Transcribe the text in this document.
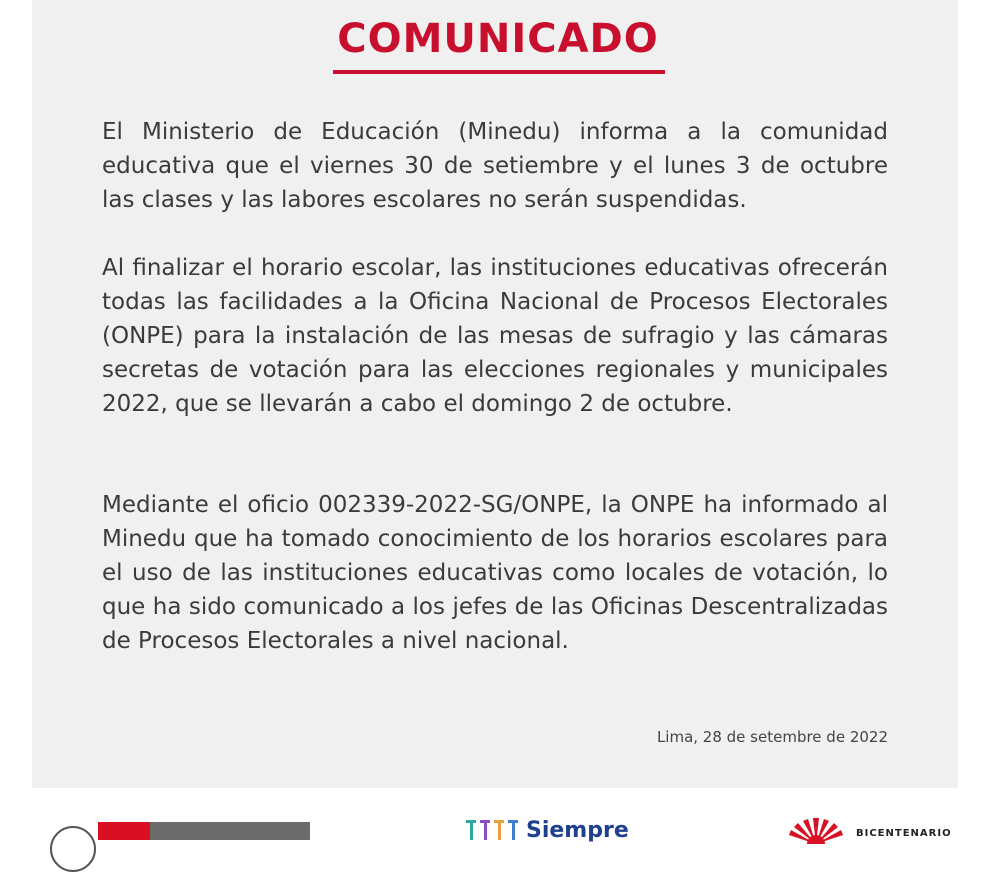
COMUNICADO

El Ministerio de Educación (Minedu) informa a la comunidad educativa que el viernes 30 de setiembre y el lunes 3 de octubre las clases y las labores escolares no serán suspendidas.

Al finalizar el horario escolar, las instituciones educativas ofrecerán todas las facilidades a la Oficina Nacional de Procesos Electorales (ONPE) para la instalación de las mesas de sufragio y las cámaras secretas de votación para las elecciones regionales y municipales 2022, que se llevarán a cabo el domingo 2 de octubre.

Mediante el oficio 002339-2022-SG/ONPE, la ONPE ha informado al Minedu que ha tomado conocimiento de los horarios escolares para el uso de las instituciones educativas como locales de votación, lo que ha sido comunicado a los jefes de las Oficinas Descentralizadas de Procesos Electorales a nivel nacional.

Lima, 28 de setembre de 2022
Siempre	BICENTENARIO
